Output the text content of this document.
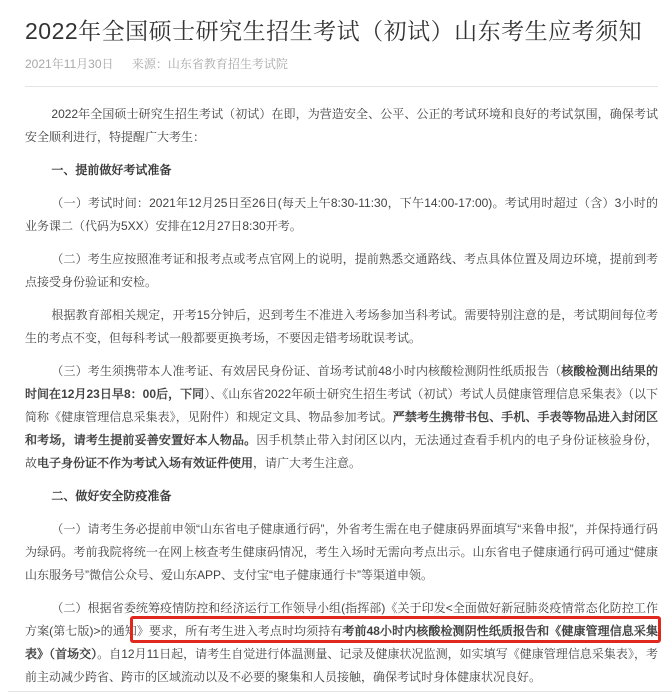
2022年全国硕士研究生招生考试（初试）山东考生应考须知
2021年11月30日 来源：山东省教育招生考试院

2022年全国硕士研究生招生考试（初试）在即，为营造安全、公平、公正的考试环境和良好的考试氛围，确保考试安全顺利进行，特提醒广大考生：

一、提前做好考试准备

（一）考试时间：2021年12月25日至26日(每天上午8:30-11:30，下午14:00-17:00)。考试用时超过（含）3小时的业务课二（代码为5XX）安排在12月27日8:30开考。

（二）考生应按照准考证和报考点或考点官网上的说明，提前熟悉交通路线、考点具体位置及周边环境，提前到考点接受身份验证和安检。

根据教育部相关规定，开考15分钟后，迟到考生不准进入考场参加当科考试。需要特别注意的是，考试期间每位考生的考点不变，但每科考试一般都要更换考场，不要因走错考场耽误考试。

（三）考生须携带本人准考证、有效居民身份证、首场考试前48小时内核酸检测阴性纸质报告（核酸检测出结果的时间在12月23日早8：00后，下同）、《山东省2022年硕士研究生招生考试（初试）考试人员健康管理信息采集表》（以下简称《健康管理信息采集表》，见附件）和规定文具、物品参加考试。严禁考生携带书包、手机、手表等物品进入封闭区和考场，请考生提前妥善安置好本人物品。因手机禁止带入封闭区以内，无法通过查看手机内的电子身份证核验身份，故电子身份证不作为考试入场有效证件使用，请广大考生注意。

二、做好安全防疫准备

（一）请考生务必提前申领“山东省电子健康通行码”，外省考生需在电子健康码界面填写“来鲁申报”，并保持通行码为绿码。考前我院将统一在网上核查考生健康码情况，考生入场时无需向考点出示。山东省电子健康通行码可通过“健康山东服务号”微信公众号、爱山东APP、支付宝“电子健康通行卡”等渠道申领。

（二）根据省委统筹疫情防控和经济运行工作领导小组(指挥部)《关于印发<全面做好新冠肺炎疫情常态化防控工作方案(第七版)>的通知》要求，所有考生进入考点时均须持有考前48小时内核酸检测阴性纸质报告和《健康管理信息采集表》（首场交）。自12月11日起，请考生自觉进行体温测量、记录及健康状况监测，如实填写《健康管理信息采集表》，考前主动减少跨省、跨市的区域流动以及不必要的聚集和人员接触，确保考试时身体健康状况良好。
